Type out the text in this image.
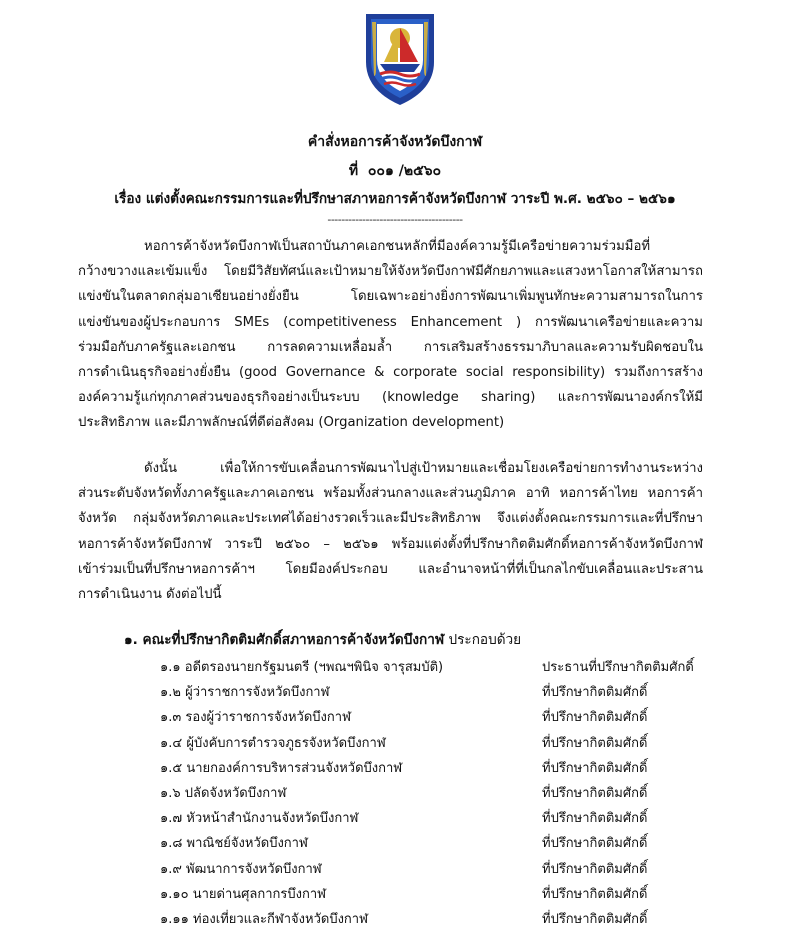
คำสั่งหอการค้าจังหวัดบึงกาฬ
ที่ ๐๐๑ /๒๕๖๐
เรื่อง แต่งตั้งคณะกรรมการและที่ปรึกษาสภาหอการค้าจังหวัดบึงกาฬ วาระปี พ.ศ. ๒๕๖๐ – ๒๕๖๑
---------------------------------------
หอการค้าจังหวัดบึงกาฬเป็นสถาบันภาคเอกชนหลักที่มีองค์ความรู้มีเครือข่ายความร่วมมือที่
กว้างขวางและเข้มแข็ง โดยมีวิสัยทัศน์และเป้าหมายให้จังหวัดบึงกาฬมีศักยภาพและแสวงหาโอกาสให้สามารถ
แข่งขันในตลาดกลุ่มอาเซียนอย่างยั่งยืน โดยเฉพาะอย่างยิ่งการพัฒนาเพิ่มพูนทักษะความสามารถในการ
แข่งขันของผู้ประกอบการ SMEs (competitiveness Enhancement ) การพัฒนาเครือข่ายและความ
ร่วมมือกับภาครัฐและเอกชน การลดความเหลื่อมล้ำ การเสริมสร้างธรรมาภิบาลและความรับผิดชอบใน
การดำเนินธุรกิจอย่างยั่งยืน (good Governance & corporate social responsibility) รวมถึงการสร้าง
องค์ความรู้แก่ทุกภาคส่วนของธุรกิจอย่างเป็นระบบ (knowledge sharing) และการพัฒนาองค์กรให้มี
ประสิทธิภาพ และมีภาพลักษณ์ที่ดีต่อสังคม (Organization development)
ดังนั้น เพื่อให้การขับเคลื่อนการพัฒนาไปสู่เป้าหมายและเชื่อมโยงเครือข่ายการทำงานระหว่าง
ส่วนระดับจังหวัดทั้งภาครัฐและภาคเอกชน พร้อมทั้งส่วนกลางและส่วนภูมิภาค อาทิ หอการค้าไทย หอการค้า
จังหวัด กลุ่มจังหวัดภาคและประเทศได้อย่างรวดเร็วและมีประสิทธิภาพ จึงแต่งตั้งคณะกรรมการและที่ปรึกษา
หอการค้าจังหวัดบึงกาฬ วาระปี ๒๕๖๐ – ๒๕๖๑ พร้อมแต่งตั้งที่ปรึกษากิตติมศักดิ์หอการค้าจังหวัดบึงกาฬ
เข้าร่วมเป็นที่ปรึกษาหอการค้าฯ โดยมีองค์ประกอบ และอำนาจหน้าที่ที่เป็นกลไกขับเคลื่อนและประสาน
การดำเนินงาน ดังต่อไปนี้
๑. คณะที่ปรึกษากิตติมศักดิ์สภาหอการค้าจังหวัดบึงกาฬ ประกอบด้วย
๑.๑ อดีตรองนายกรัฐมนตรี (ฯพณฯพินิจ จารุสมบัติ)	ประธานที่ปรึกษากิตติมศักดิ์
๑.๒ ผู้ว่าราชการจังหวัดบึงกาฬ	ที่ปรึกษากิตติมศักดิ์
๑.๓ รองผู้ว่าราชการจังหวัดบึงกาฬ	ที่ปรึกษากิตติมศักดิ์
๑.๔ ผู้บังคับการตำรวจภูธรจังหวัดบึงกาฬ	ที่ปรึกษากิตติมศักดิ์
๑.๕ นายกองค์การบริหารส่วนจังหวัดบึงกาฬ	ที่ปรึกษากิตติมศักดิ์
๑.๖ ปลัดจังหวัดบึงกาฬ	ที่ปรึกษากิตติมศักดิ์
๑.๗ หัวหน้าสำนักงานจังหวัดบึงกาฬ	ที่ปรึกษากิตติมศักดิ์
๑.๘ พาณิชย์จังหวัดบึงกาฬ	ที่ปรึกษากิตติมศักดิ์
๑.๙ พัฒนาการจังหวัดบึงกาฬ	ที่ปรึกษากิตติมศักดิ์
๑.๑๐ นายด่านศุลกากรบึงกาฬ	ที่ปรึกษากิตติมศักดิ์
๑.๑๑ ท่องเที่ยวและกีฬาจังหวัดบึงกาฬ	ที่ปรึกษากิตติมศักดิ์
